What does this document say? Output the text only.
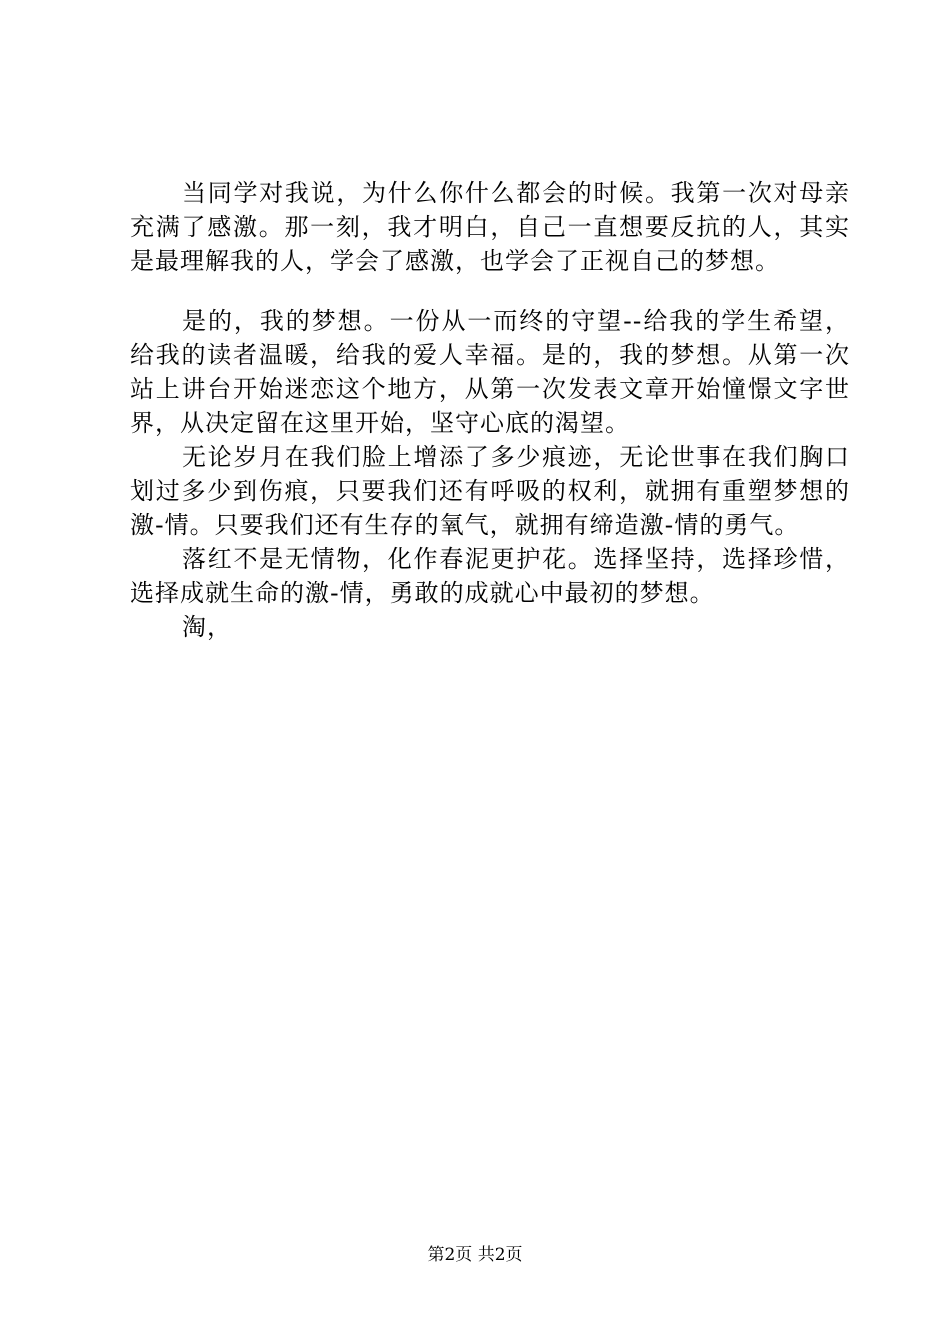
当同学对我说，为什么你什么都会的时候。我第一次对母亲充满了感激。那一刻，我才明白，自己一直想要反抗的人，其实是最理解我的人，学会了感激，也学会了正视自己的梦想。

是的，我的梦想。一份从一而终的守望--给我的学生希望，给我的读者温暖，给我的爱人幸福。是的，我的梦想。从第一次站上讲台开始迷恋这个地方，从第一次发表文章开始憧憬文字世界，从决定留在这里开始，坚守心底的渴望。

无论岁月在我们脸上增添了多少痕迹，无论世事在我们胸口划过多少到伤痕，只要我们还有呼吸的权利，就拥有重塑梦想的激-情。只要我们还有生存的氧气，就拥有缔造激-情的勇气。

落红不是无情物，化作春泥更护花。选择坚持，选择珍惜，选择成就生命的激-情，勇敢的成就心中最初的梦想。

淘，

第2页 共2页
